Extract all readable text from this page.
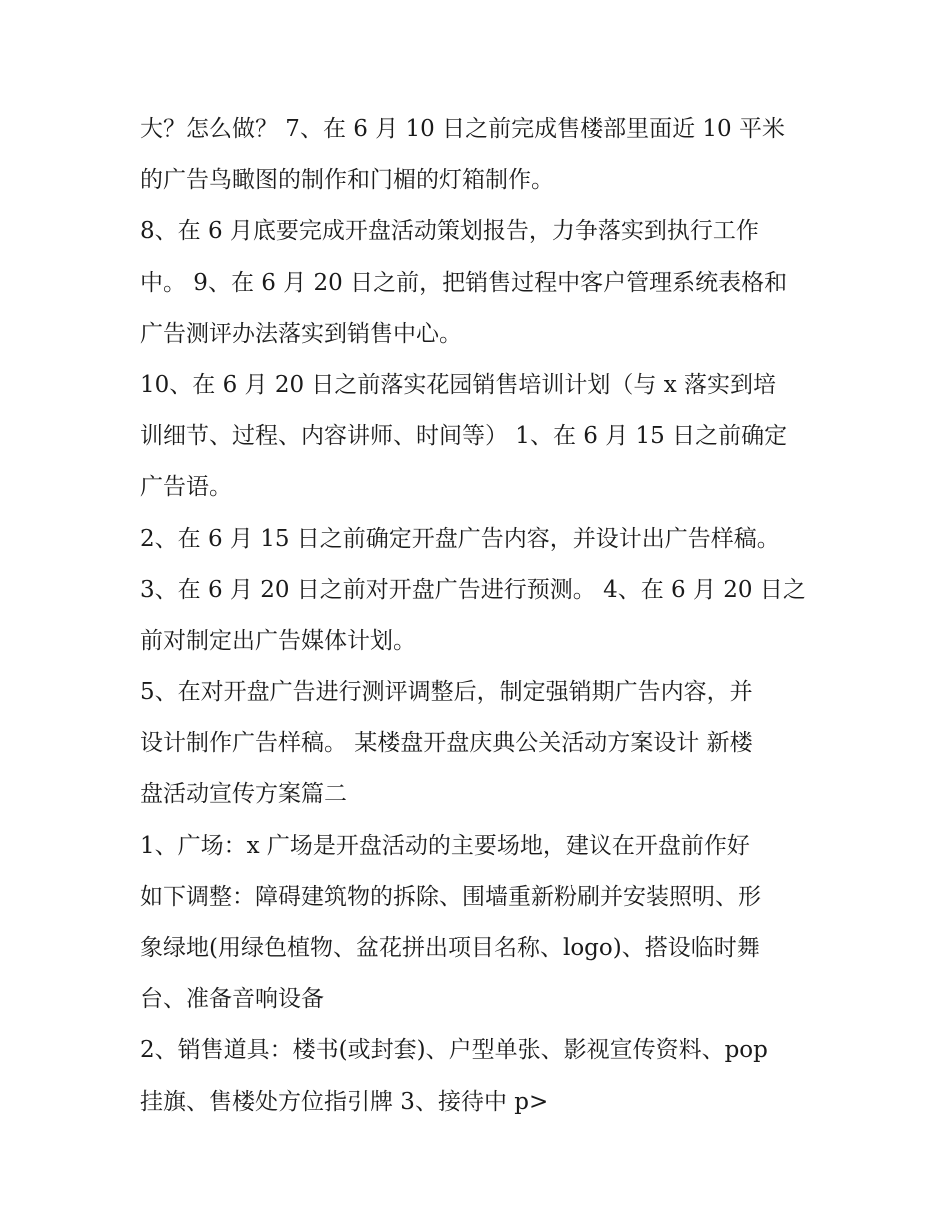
大？怎么做？ 7、在 6 月 10 日之前完成售楼部里面近 10 平米
的广告鸟瞰图的制作和门楣的灯箱制作。
8、在 6 月底要完成开盘活动策划报告，力争落实到执行工作
中。 9、在 6 月 20 日之前，把销售过程中客户管理系统表格和
广告测评办法落实到销售中心。
10、在 6 月 20 日之前落实花园销售培训计划（与 x 落实到培
训细节、过程、内容讲师、时间等） 1、在 6 月 15 日之前确定
广告语。
2、在 6 月 15 日之前确定开盘广告内容，并设计出广告样稿。
3、在 6 月 20 日之前对开盘广告进行预测。 4、在 6 月 20 日之
前对制定出广告媒体计划。
5、在对开盘广告进行测评调整后，制定强销期广告内容，并
设计制作广告样稿。 某楼盘开盘庆典公关活动方案设计 新楼
盘活动宣传方案篇二
1、广场：x 广场是开盘活动的主要场地，建议在开盘前作好
如下调整：障碍建筑物的拆除、围墙重新粉刷并安装照明、形
象绿地(用绿色植物、盆花拼出项目名称、logo)、搭设临时舞
台、准备音响设备
2、销售道具：楼书(或封套)、户型单张、影视宣传资料、pop
挂旗、售楼处方位指引牌 3、接待中 p>
